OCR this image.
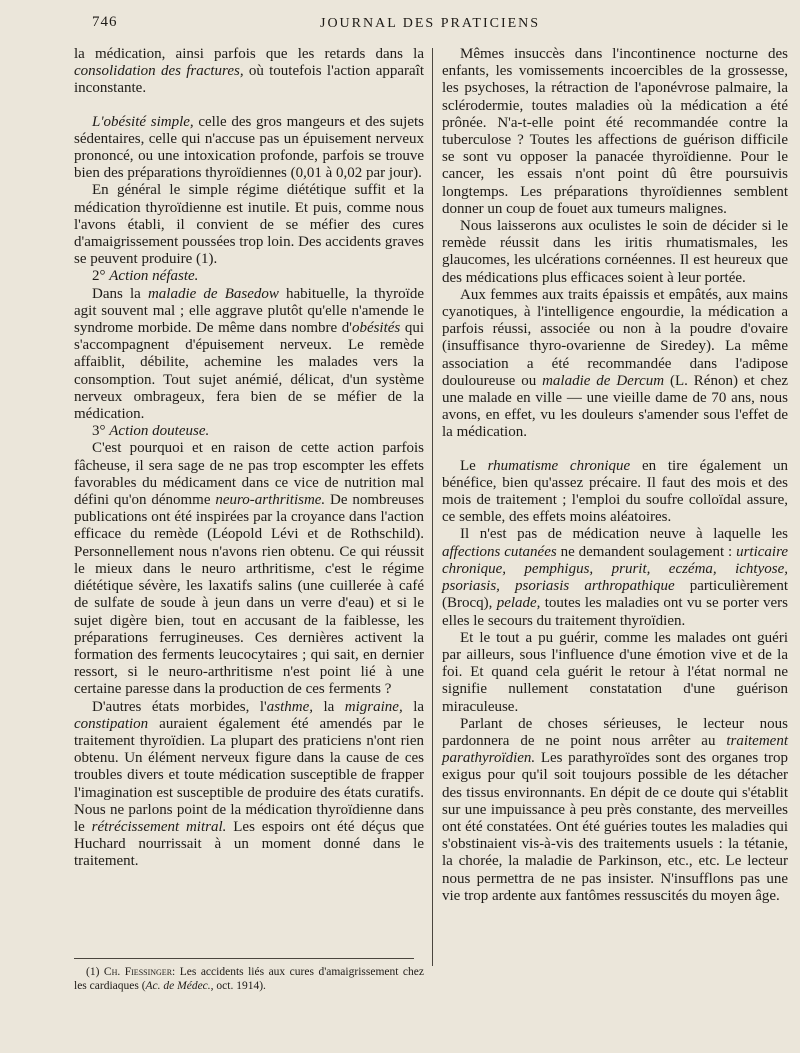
746	JOURNAL DES PRATICIENS

la médication, ainsi parfois que les retards dans la consolidation des fractures, où toutefois l'action apparaît inconstante.

L'obésité simple, celle des gros mangeurs et des sujets sédentaires, celle qui n'accuse pas un épuisement nerveux prononcé, ou une intoxication profonde, parfois se trouve bien des préparations thyroïdiennes (0,01 à 0,02 par jour).

En général le simple régime diététique suffit et la médication thyroïdienne est inutile. Et puis, comme nous l'avons établi, il convient de se méfier des cures d'amaigrissement poussées trop loin. Des accidents graves se peuvent produire (1).

2° Action néfaste.

Dans la maladie de Basedow habituelle, la thyroïde agit souvent mal ; elle aggrave plutôt qu'elle n'amende le syndrome morbide. De même dans nombre d'obésités qui s'accompagnent d'épuisement nerveux. Le remède affaiblit, débilite, achemine les malades vers la consomption. Tout sujet anémié, délicat, d'un système nerveux ombrageux, fera bien de se méfier de la médication.

3° Action douteuse.

C'est pourquoi et en raison de cette action parfois fâcheuse, il sera sage de ne pas trop escompter les effets favorables du médicament dans ce vice de nutrition mal défini qu'on dénomme neuro-arthritisme. De nombreuses publications ont été inspirées par la croyance dans l'action efficace du remède (Léopold Lévi et de Rothschild). Personnellement nous n'avons rien obtenu. Ce qui réussit le mieux dans le neuro arthritisme, c'est le régime diététique sévère, les laxatifs salins (une cuillerée à café de sulfate de soude à jeun dans un verre d'eau) et si le sujet digère bien, tout en accusant de la faiblesse, les préparations ferrugineuses. Ces dernières activent la formation des ferments leucocytaires ; qui sait, en dernier ressort, si le neuro-arthritisme n'est point lié à une certaine paresse dans la production de ces ferments ?

D'autres états morbides, l'asthme, la migraine, la constipation auraient également été amendés par le traitement thyroïdien. La plupart des praticiens n'ont rien obtenu. Un élément nerveux figure dans la cause de ces troubles divers et toute médication susceptible de frapper l'imagination est susceptible de produire des états curatifs. Nous ne parlons point de la médication thyroïdienne dans le rétrécissement mitral. Les espoirs ont été déçus que Huchard nourrissait à un moment donné dans le traitement.

(1) Ch. Fiessinger: Les accidents liés aux cures d'amaigrissement chez les cardiaques (Ac. de Médec., oct. 1914).

Mêmes insuccès dans l'incontinence nocturne des enfants, les vomissements incoercibles de la grossesse, les psychoses, la rétraction de l'aponévrose palmaire, la sclérodermie, toutes maladies où la médication a été prônée. N'a-t-elle point été recommandée contre la tuberculose ? Toutes les affections de guérison difficile se sont vu opposer la panacée thyroïdienne. Pour le cancer, les essais n'ont point dû être poursuivis longtemps. Les préparations thyroïdiennes semblent donner un coup de fouet aux tumeurs malignes.

Nous laisserons aux oculistes le soin de décider si le remède réussit dans les iritis rhumatismales, les glaucomes, les ulcérations cornéennes. Il est heureux que des médications plus efficaces soient à leur portée.

Aux femmes aux traits épaissis et empâtés, aux mains cyanotiques, à l'intelligence engourdie, la médication a parfois réussi, associée ou non à la poudre d'ovaire (insuffisance thyro-ovarienne de Siredey). La même association a été recommandée dans l'adipose douloureuse ou maladie de Dercum (L. Rénon) et chez une malade en ville — une vieille dame de 70 ans, nous avons, en effet, vu les douleurs s'amender sous l'effet de la médication.

Le rhumatisme chronique en tire également un bénéfice, bien qu'assez précaire. Il faut des mois et des mois de traitement ; l'emploi du soufre colloïdal assure, ce semble, des effets moins aléatoires.

Il n'est pas de médication neuve à laquelle les affections cutanées ne demandent soulagement : urticaire chronique, pemphigus, prurit, eczéma, ichtyose, psoriasis, psoriasis arthropathique particulièrement (Brocq), pelade, toutes les maladies ont vu se porter vers elles le secours du traitement thyroïdien.

Et le tout a pu guérir, comme les malades ont guéri par ailleurs, sous l'influence d'une émotion vive et de la foi. Et quand cela guérit le retour à l'état normal ne signifie nullement constatation d'une guérison miraculeuse.

Parlant de choses sérieuses, le lecteur nous pardonnera de ne point nous arrêter au traitement parathyroïdien. Les parathyroïdes sont des organes trop exigus pour qu'il soit toujours possible de les détacher des tissus environnants. En dépit de ce doute qui s'établit sur une impuissance à peu près constante, des merveilles ont été constatées. Ont été guéries toutes les maladies qui s'obstinaient vis-à-vis des traitements usuels : la tétanie, la chorée, la maladie de Parkinson, etc., etc. Le lecteur nous permettra de ne pas insister. N'insufflons pas une vie trop ardente aux fantômes ressuscités du moyen âge.
